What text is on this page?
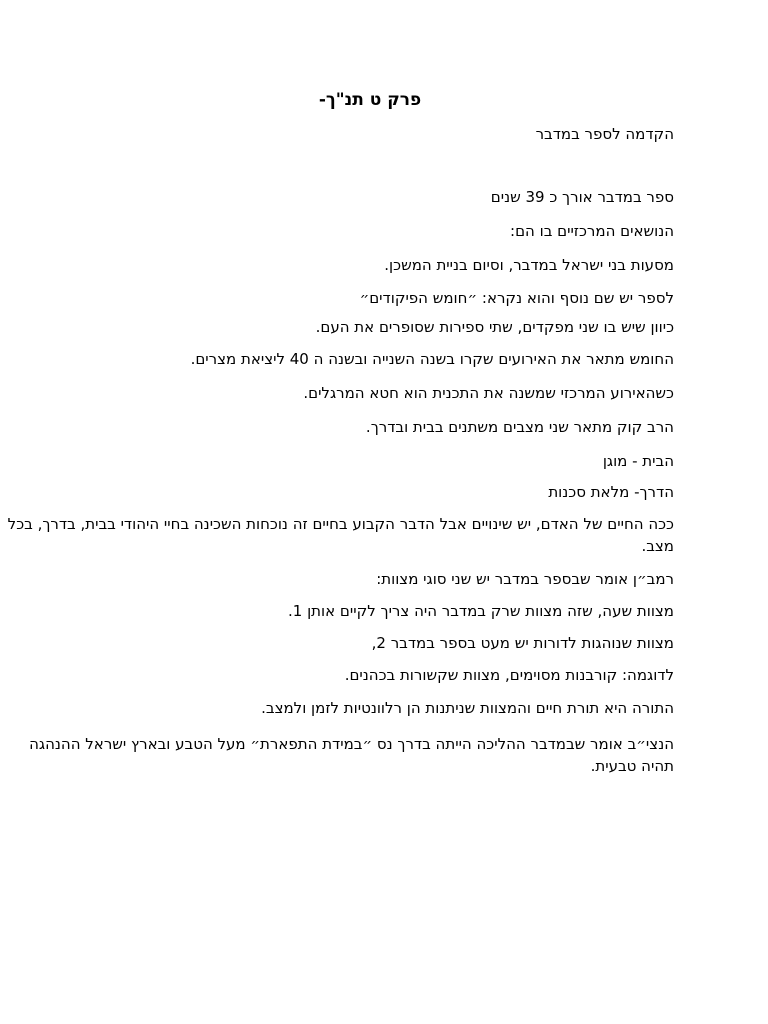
פרק ט תנ"ך-

הקדמה לספר במדבר

ספר במדבר אורך כ 39 שנים

הנושאים המרכזיים בו הם:

מסעות בני ישראל במדבר, וסיום בניית המשכן.

לספר יש שם נוסף והוא נקרא: ״חומש הפיקודים״

כיוון שיש בו שני מפקדים, שתי ספירות שסופרים את העם.

החומש מתאר את האירועים שקרו בשנה השנייה ובשנה ה 40 ליציאת מצרים.

כשהאירוע המרכזי שמשנה את התכנית הוא חטא המרגלים.

הרב קוק מתאר שני מצבים משתנים בבית ובדרך.

הבית - מוגן

הדרך- מלאת סכנות

ככה החיים של האדם, יש שינויים אבל הדבר הקבוע בחיים זה נוכחות השכינה בחיי היהודי בבית, בדרך, בכל מצב.

רמב״ן אומר שבספר במדבר יש שני סוגי מצוות:

מצוות שעה, שזה מצוות שרק במדבר היה צריך לקיים אותן 1.

מצוות שנוהגות לדורות יש מעט בספר במדבר 2,

לדוגמה: קורבנות מסוימים, מצוות שקשורות בכהנים.

התורה היא תורת חיים והמצוות שניתנות הן רלוונטיות לזמן ולמצב.

הנצי״ב אומר שבמדבר ההליכה הייתה בדרך נס ״במידת התפארת״ מעל הטבע ובארץ ישראל ההנהגה תהיה טבעית.
